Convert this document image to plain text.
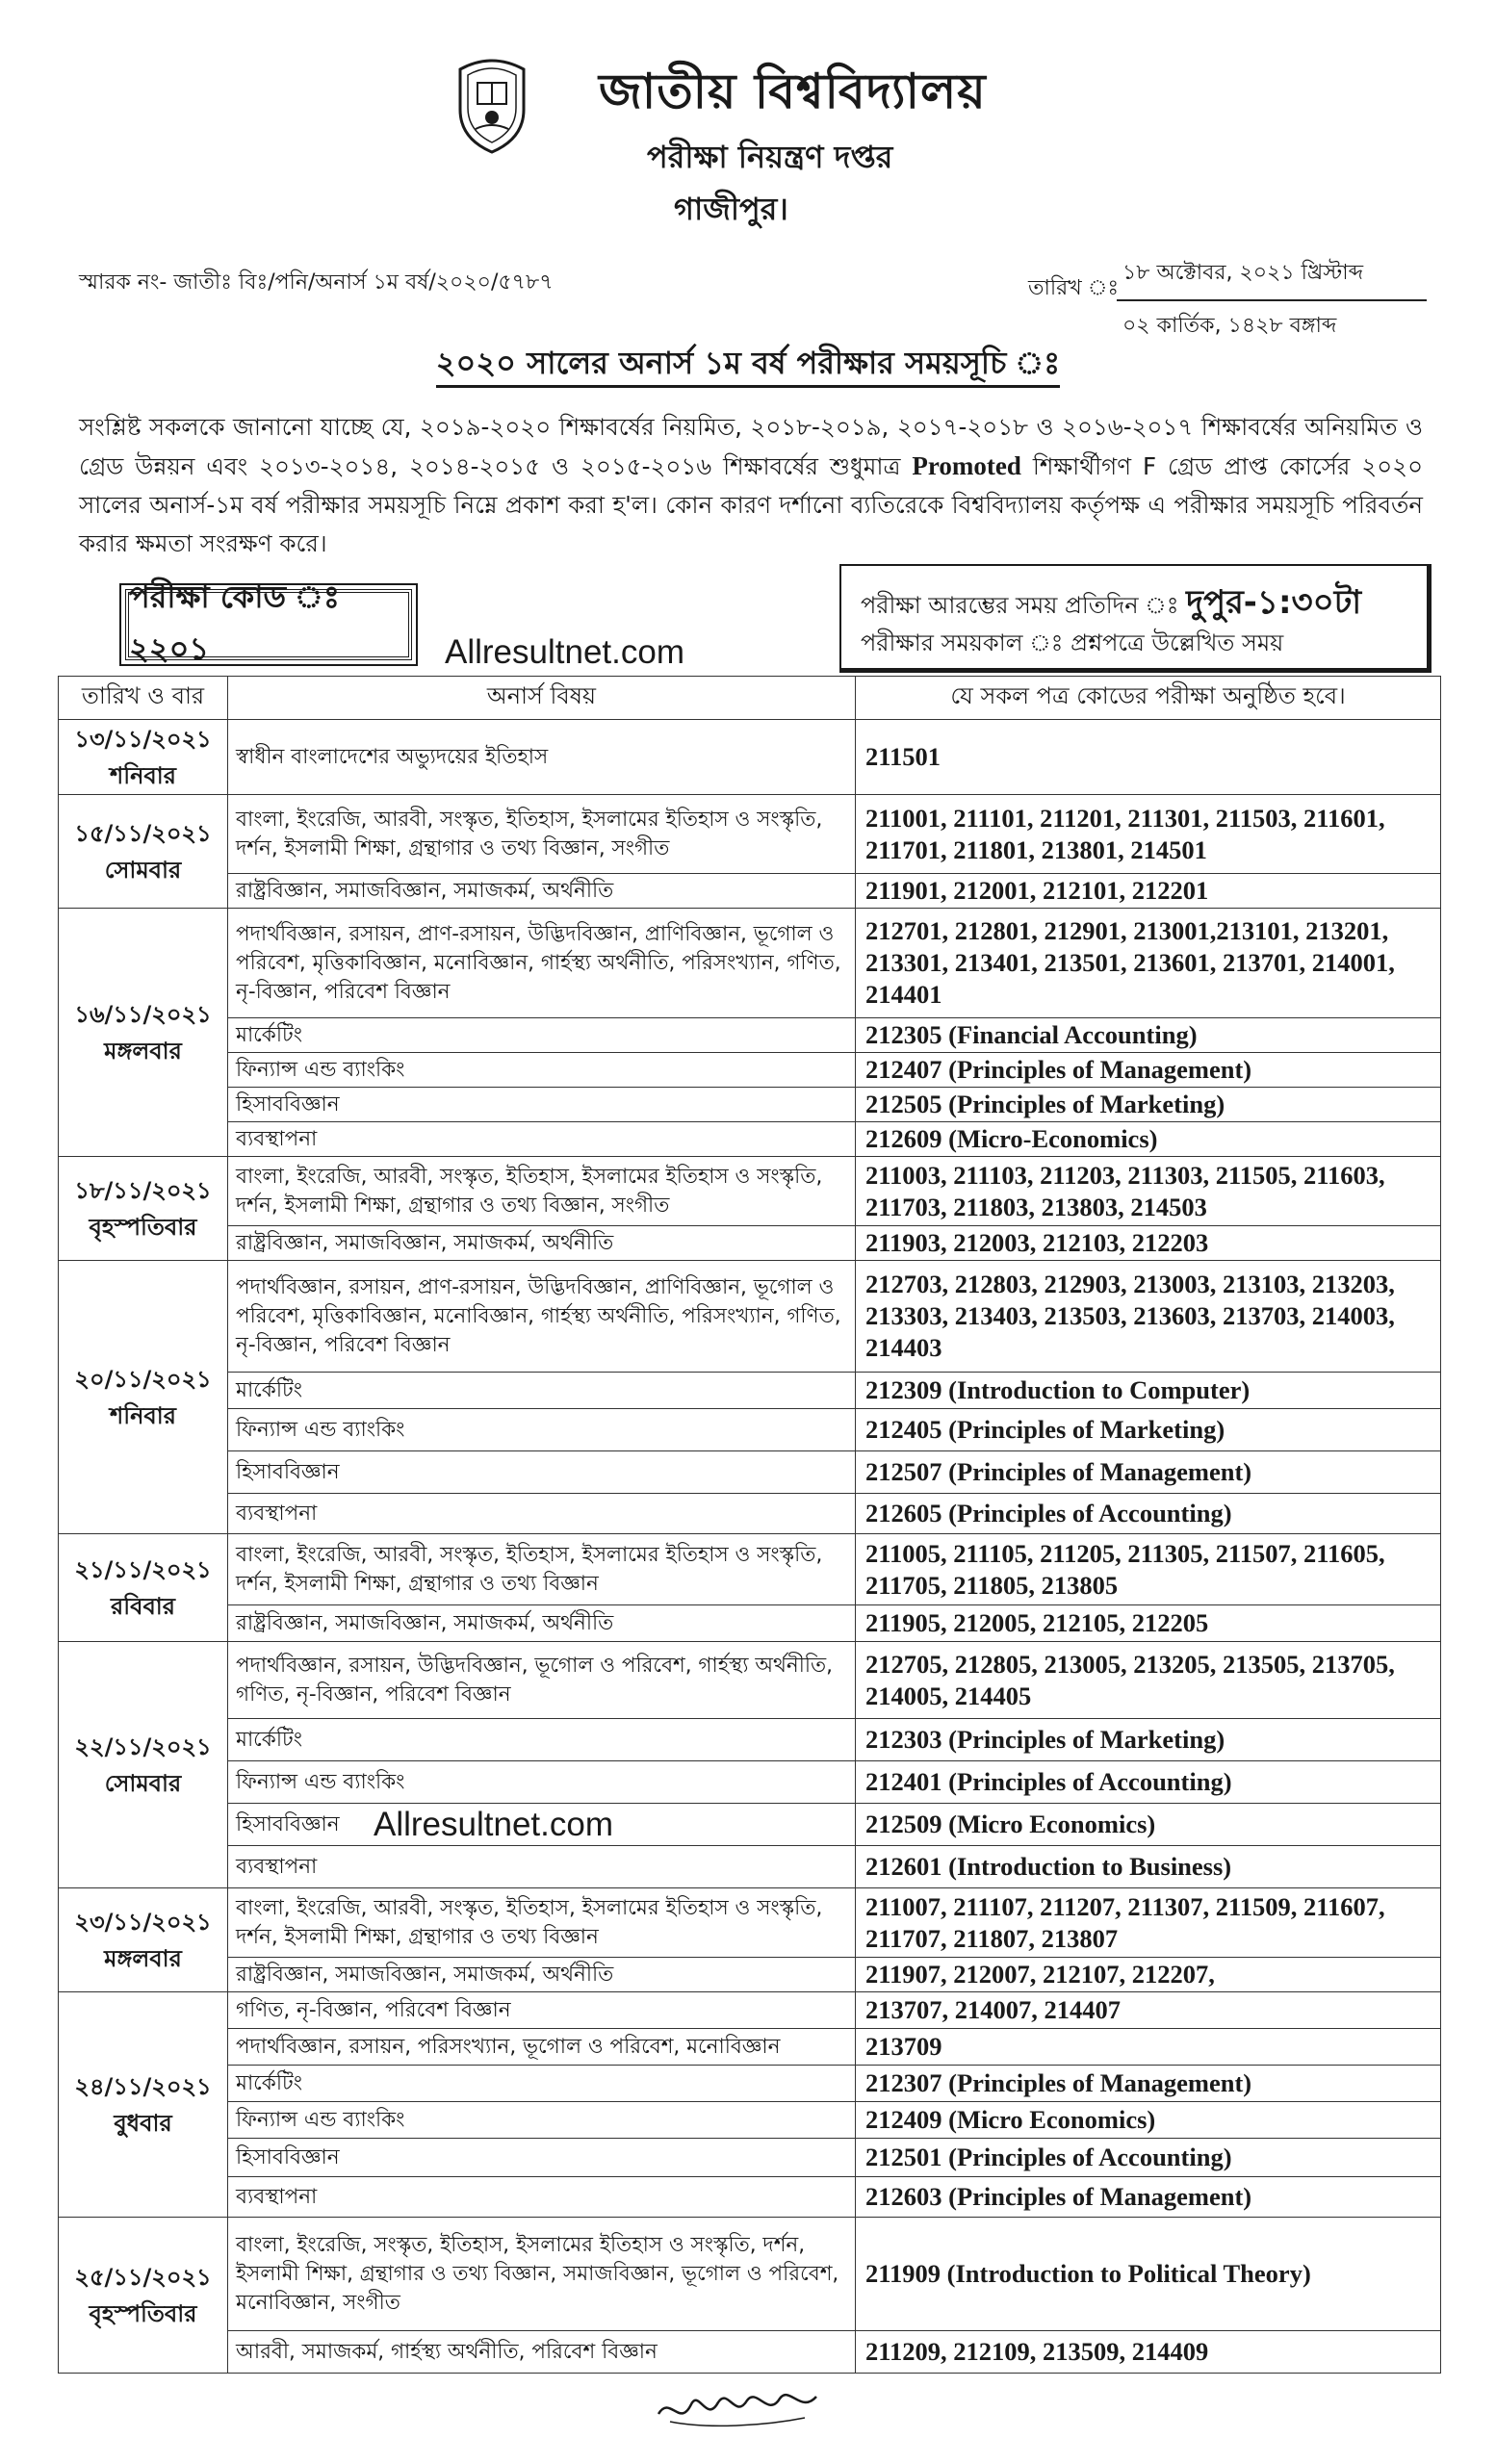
জাতীয় বিশ্ববিদ্যালয়
পরীক্ষা নিয়ন্ত্রণ দপ্তর
গাজীপুর।
স্মারক নং- জাতীঃ বিঃ/পনি/অনার্স ১ম বর্ষ/২০২০/৫৭৮৭	তারিখ ঃ
১৮ অক্টোবর, ২০২১ খ্রিস্টাব্দ
০২ কার্তিক, ১৪২৮ বঙ্গাব্দ
২০২০ সালের অনার্স ১ম বর্ষ পরীক্ষার সময়সূচি ঃ
সংশ্লিষ্ট সকলকে জানানো যাচ্ছে যে, ২০১৯-২০২০ শিক্ষাবর্ষের নিয়মিত, ২০১৮-২০১৯, ২০১৭-২০১৮ ও ২০১৬-২০১৭ শিক্ষাবর্ষের অনিয়মিত ও গ্রেড উন্নয়ন এবং ২০১৩-২০১৪, ২০১৪-২০১৫ ও ২০১৫-২০১৬ শিক্ষাবর্ষের শুধুমাত্র Promoted শিক্ষার্থীগণ F গ্রেড প্রাপ্ত কোর্সের ২০২০ সালের অনার্স-১ম বর্ষ পরীক্ষার সময়সূচি নিম্নে প্রকাশ করা হ'ল। কোন কারণ দর্শানো ব্যতিরেকে বিশ্ববিদ্যালয় কর্তৃপক্ষ এ পরীক্ষার সময়সূচি পরিবর্তন করার ক্ষমতা সংরক্ষণ করে।
পরীক্ষা কোড ঃ ২২০১
পরীক্ষা আরম্ভের সময় প্রতিদিন ঃ দুপুর-১:৩০টা
পরীক্ষার সময়কাল ঃ প্রশ্নপত্রে উল্লেখিত সময়
তারিখ ও বার	অনার্স বিষয়	যে সকল পত্র কোডের পরীক্ষা অনুষ্ঠিত হবে।

১৩/১১/২০২১
শনিবার	স্বাধীন বাংলাদেশের অভ্যুদয়ের ইতিহাস	211501

১৫/১১/২০২১
সোমবার	বাংলা, ইংরেজি, আরবী, সংস্কৃত, ইতিহাস, ইসলামের ইতিহাস ও সংস্কৃতি, দর্শন, ইসলামী শিক্ষা, গ্রন্থাগার ও তথ্য বিজ্ঞান, সংগীত	211001, 211101, 211201, 211301, 211503, 211601, 211701, 211801, 213801, 214501
	রাষ্ট্রবিজ্ঞান, সমাজবিজ্ঞান, সমাজকর্ম, অর্থনীতি	211901, 212001, 212101, 212201

১৬/১১/২০২১
মঙ্গলবার	পদার্থবিজ্ঞান, রসায়ন, প্রাণ-রসায়ন, উদ্ভিদবিজ্ঞান, প্রাণিবিজ্ঞান, ভূগোল ও পরিবেশ, মৃত্তিকাবিজ্ঞান, মনোবিজ্ঞান, গার্হস্থ্য অর্থনীতি, পরিসংখ্যান, গণিত, নৃ-বিজ্ঞান, পরিবেশ বিজ্ঞান	212701, 212801, 212901, 213001,213101, 213201, 213301, 213401, 213501, 213601, 213701, 214001, 214401
	মার্কেটিং	212305 (Financial Accounting)
	ফিন্যান্স এন্ড ব্যাংকিং	212407 (Principles of Management)
	হিসাববিজ্ঞান	212505 (Principles of Marketing)
	ব্যবস্থাপনা	212609 (Micro-Economics)

১৮/১১/২০২১
বৃহস্পতিবার	বাংলা, ইংরেজি, আরবী, সংস্কৃত, ইতিহাস, ইসলামের ইতিহাস ও সংস্কৃতি, দর্শন, ইসলামী শিক্ষা, গ্রন্থাগার ও তথ্য বিজ্ঞান, সংগীত	211003, 211103, 211203, 211303, 211505, 211603, 211703, 211803, 213803, 214503
	রাষ্ট্রবিজ্ঞান, সমাজবিজ্ঞান, সমাজকর্ম, অর্থনীতি	211903, 212003, 212103, 212203

২০/১১/২০২১
শনিবার	পদার্থবিজ্ঞান, রসায়ন, প্রাণ-রসায়ন, উদ্ভিদবিজ্ঞান, প্রাণিবিজ্ঞান, ভূগোল ও পরিবেশ, মৃত্তিকাবিজ্ঞান, মনোবিজ্ঞান, গার্হস্থ্য অর্থনীতি, পরিসংখ্যান, গণিত, নৃ-বিজ্ঞান, পরিবেশ বিজ্ঞান	212703, 212803, 212903, 213003, 213103, 213203, 213303, 213403, 213503, 213603, 213703, 214003, 214403
	মার্কেটিং	212309 (Introduction to Computer)
	ফিন্যান্স এন্ড ব্যাংকিং	212405 (Principles of Marketing)
	হিসাববিজ্ঞান	212507 (Principles of Management)
	ব্যবস্থাপনা	212605 (Principles of Accounting)

২১/১১/২০২১
রবিবার	বাংলা, ইংরেজি, আরবী, সংস্কৃত, ইতিহাস, ইসলামের ইতিহাস ও সংস্কৃতি, দর্শন, ইসলামী শিক্ষা, গ্রন্থাগার ও তথ্য বিজ্ঞান	211005, 211105, 211205, 211305, 211507, 211605, 211705, 211805, 213805
	রাষ্ট্রবিজ্ঞান, সমাজবিজ্ঞান, সমাজকর্ম, অর্থনীতি	211905, 212005, 212105, 212205

২২/১১/২০২১
সোমবার	পদার্থবিজ্ঞান, রসায়ন, উদ্ভিদবিজ্ঞান, ভূগোল ও পরিবেশ, গার্হস্থ্য অর্থনীতি, গণিত, নৃ-বিজ্ঞান, পরিবেশ বিজ্ঞান	212705, 212805, 213005, 213205, 213505, 213705, 214005, 214405
	মার্কেটিং	212303 (Principles of Marketing)
	ফিন্যান্স এন্ড ব্যাংকিং	212401 (Principles of Accounting)
	হিসাববিজ্ঞান	212509 (Micro Economics)
	ব্যবস্থাপনা	212601 (Introduction to Business)

২৩/১১/২০২১
মঙ্গলবার	বাংলা, ইংরেজি, আরবী, সংস্কৃত, ইতিহাস, ইসলামের ইতিহাস ও সংস্কৃতি, দর্শন, ইসলামী শিক্ষা, গ্রন্থাগার ও তথ্য বিজ্ঞান	211007, 211107, 211207, 211307, 211509, 211607, 211707, 211807, 213807
	রাষ্ট্রবিজ্ঞান, সমাজবিজ্ঞান, সমাজকর্ম, অর্থনীতি	211907, 212007, 212107, 212207,

২৪/১১/২০২১
বুধবার	গণিত, নৃ-বিজ্ঞান, পরিবেশ বিজ্ঞান	213707, 214007, 214407
	পদার্থবিজ্ঞান, রসায়ন, পরিসংখ্যান, ভূগোল ও পরিবেশ, মনোবিজ্ঞান	213709
	মার্কেটিং	212307 (Principles of Management)
	ফিন্যান্স এন্ড ব্যাংকিং	212409 (Micro Economics)
	হিসাববিজ্ঞান	212501 (Principles of Accounting)
	ব্যবস্থাপনা	212603 (Principles of Management)

২৫/১১/২০২১
বৃহস্পতিবার	বাংলা, ইংরেজি, সংস্কৃত, ইতিহাস, ইসলামের ইতিহাস ও সংস্কৃতি, দর্শন, ইসলামী শিক্ষা, গ্রন্থাগার ও তথ্য বিজ্ঞান, সমাজবিজ্ঞান, ভূগোল ও পরিবেশ, মনোবিজ্ঞান, সংগীত	211909 (Introduction to Political Theory)
	আরবী, সমাজকর্ম, গার্হস্থ্য অর্থনীতি, পরিবেশ বিজ্ঞান	211209, 212109, 213509, 214409
Allresultnet.com
Allresultnet.com
